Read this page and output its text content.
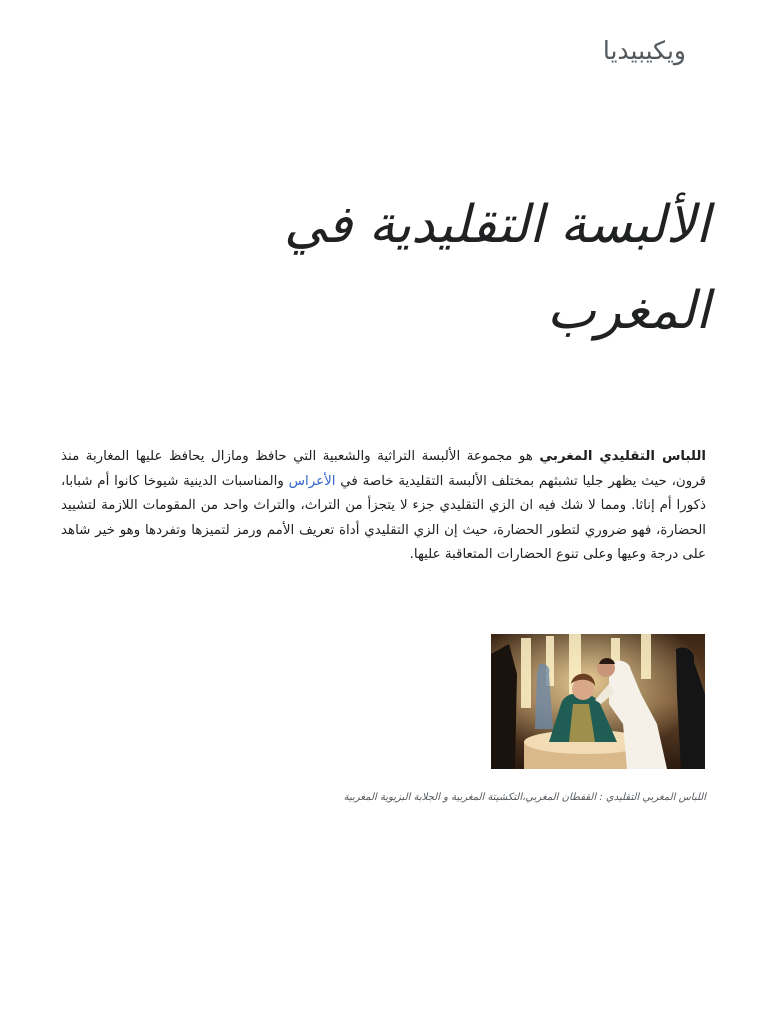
ويكيبيديا
الألبسة التقليدية في المغرب

اللباس التقليدي المغربي هو مجموعة الألبسة التراثية والشعبية التي حافظ ومازال يحافظ عليها المغاربة منذ قرون، حيث يظهر جليا تشبثهم بمختلف الألبسة التقليدية خاصة في الأعراس والمناسبات الدينية شيوخا كانوا أم شبابا، ذكورا أم إناثا. ومما لا شك فيه ان الزي التقليدي جزء لا يتجزأ من التراث، والتراث واحد من المقومات اللازمة لتشييد الحضارة، فهو ضروري لتطور الحضارة، حيث إن الزي التقليدي أداة تعريف الأمم ورمز لتميزها وتفردها وهو خير شاهد على درجة وعيها وعلى تنوع الحضارات المتعاقبة عليها.

اللباس المغربي التقليدي : القفطان المغربي،التكشيتة المغربية و الجلابة البزيوية المغربية
